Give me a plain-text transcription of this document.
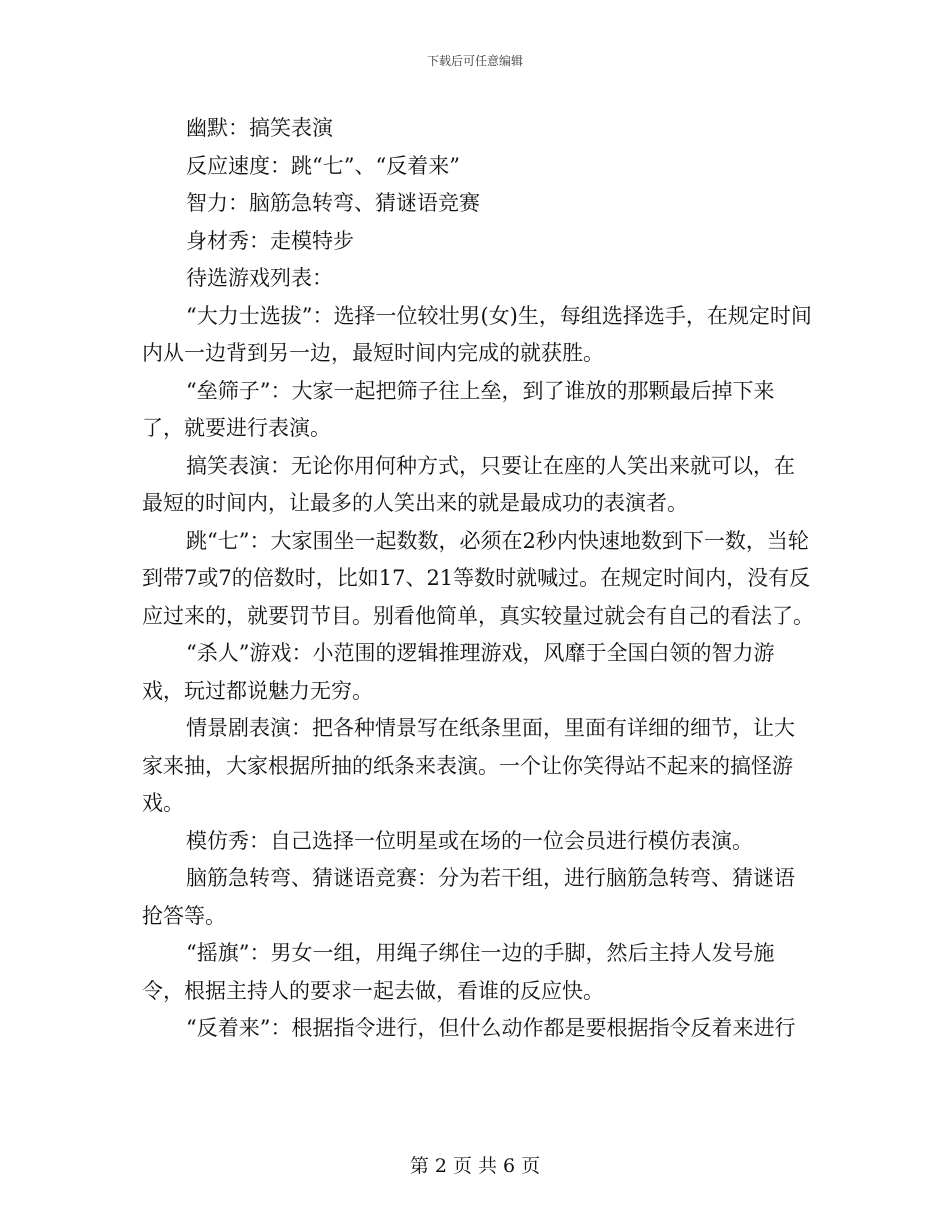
下载后可任意编辑

幽默：搞笑表演

反应速度：跳“七”、“反着来”

智力：脑筋急转弯、猜谜语竞赛

身材秀：走模特步

待选游戏列表：

“大力士选拔”：选择一位较壮男(女)生，每组选择选手，在规定时间内从一边背到另一边，最短时间内完成的就获胜。

“垒筛子”：大家一起把筛子往上垒，到了谁放的那颗最后掉下来了，就要进行表演。

搞笑表演：无论你用何种方式，只要让在座的人笑出来就可以，在最短的时间内，让最多的人笑出来的就是最成功的表演者。

跳“七”：大家围坐一起数数，必须在2秒内快速地数到下一数，当轮到带7或7的倍数时，比如17、21等数时就喊过。在规定时间内，没有反应过来的，就要罚节目。别看他简单，真实较量过就会有自己的看法了。

“杀人”游戏：小范围的逻辑推理游戏，风靡于全国白领的智力游戏，玩过都说魅力无穷。

情景剧表演：把各种情景写在纸条里面，里面有详细的细节，让大家来抽，大家根据所抽的纸条来表演。一个让你笑得站不起来的搞怪游戏。

模仿秀：自己选择一位明星或在场的一位会员进行模仿表演。

脑筋急转弯、猜谜语竞赛：分为若干组，进行脑筋急转弯、猜谜语抢答等。

“摇旗”：男女一组，用绳子绑住一边的手脚，然后主持人发号施令，根据主持人的要求一起去做，看谁的反应快。

“反着来”：根据指令进行，但什么动作都是要根据指令反着来进行

第 2 页 共 6 页
